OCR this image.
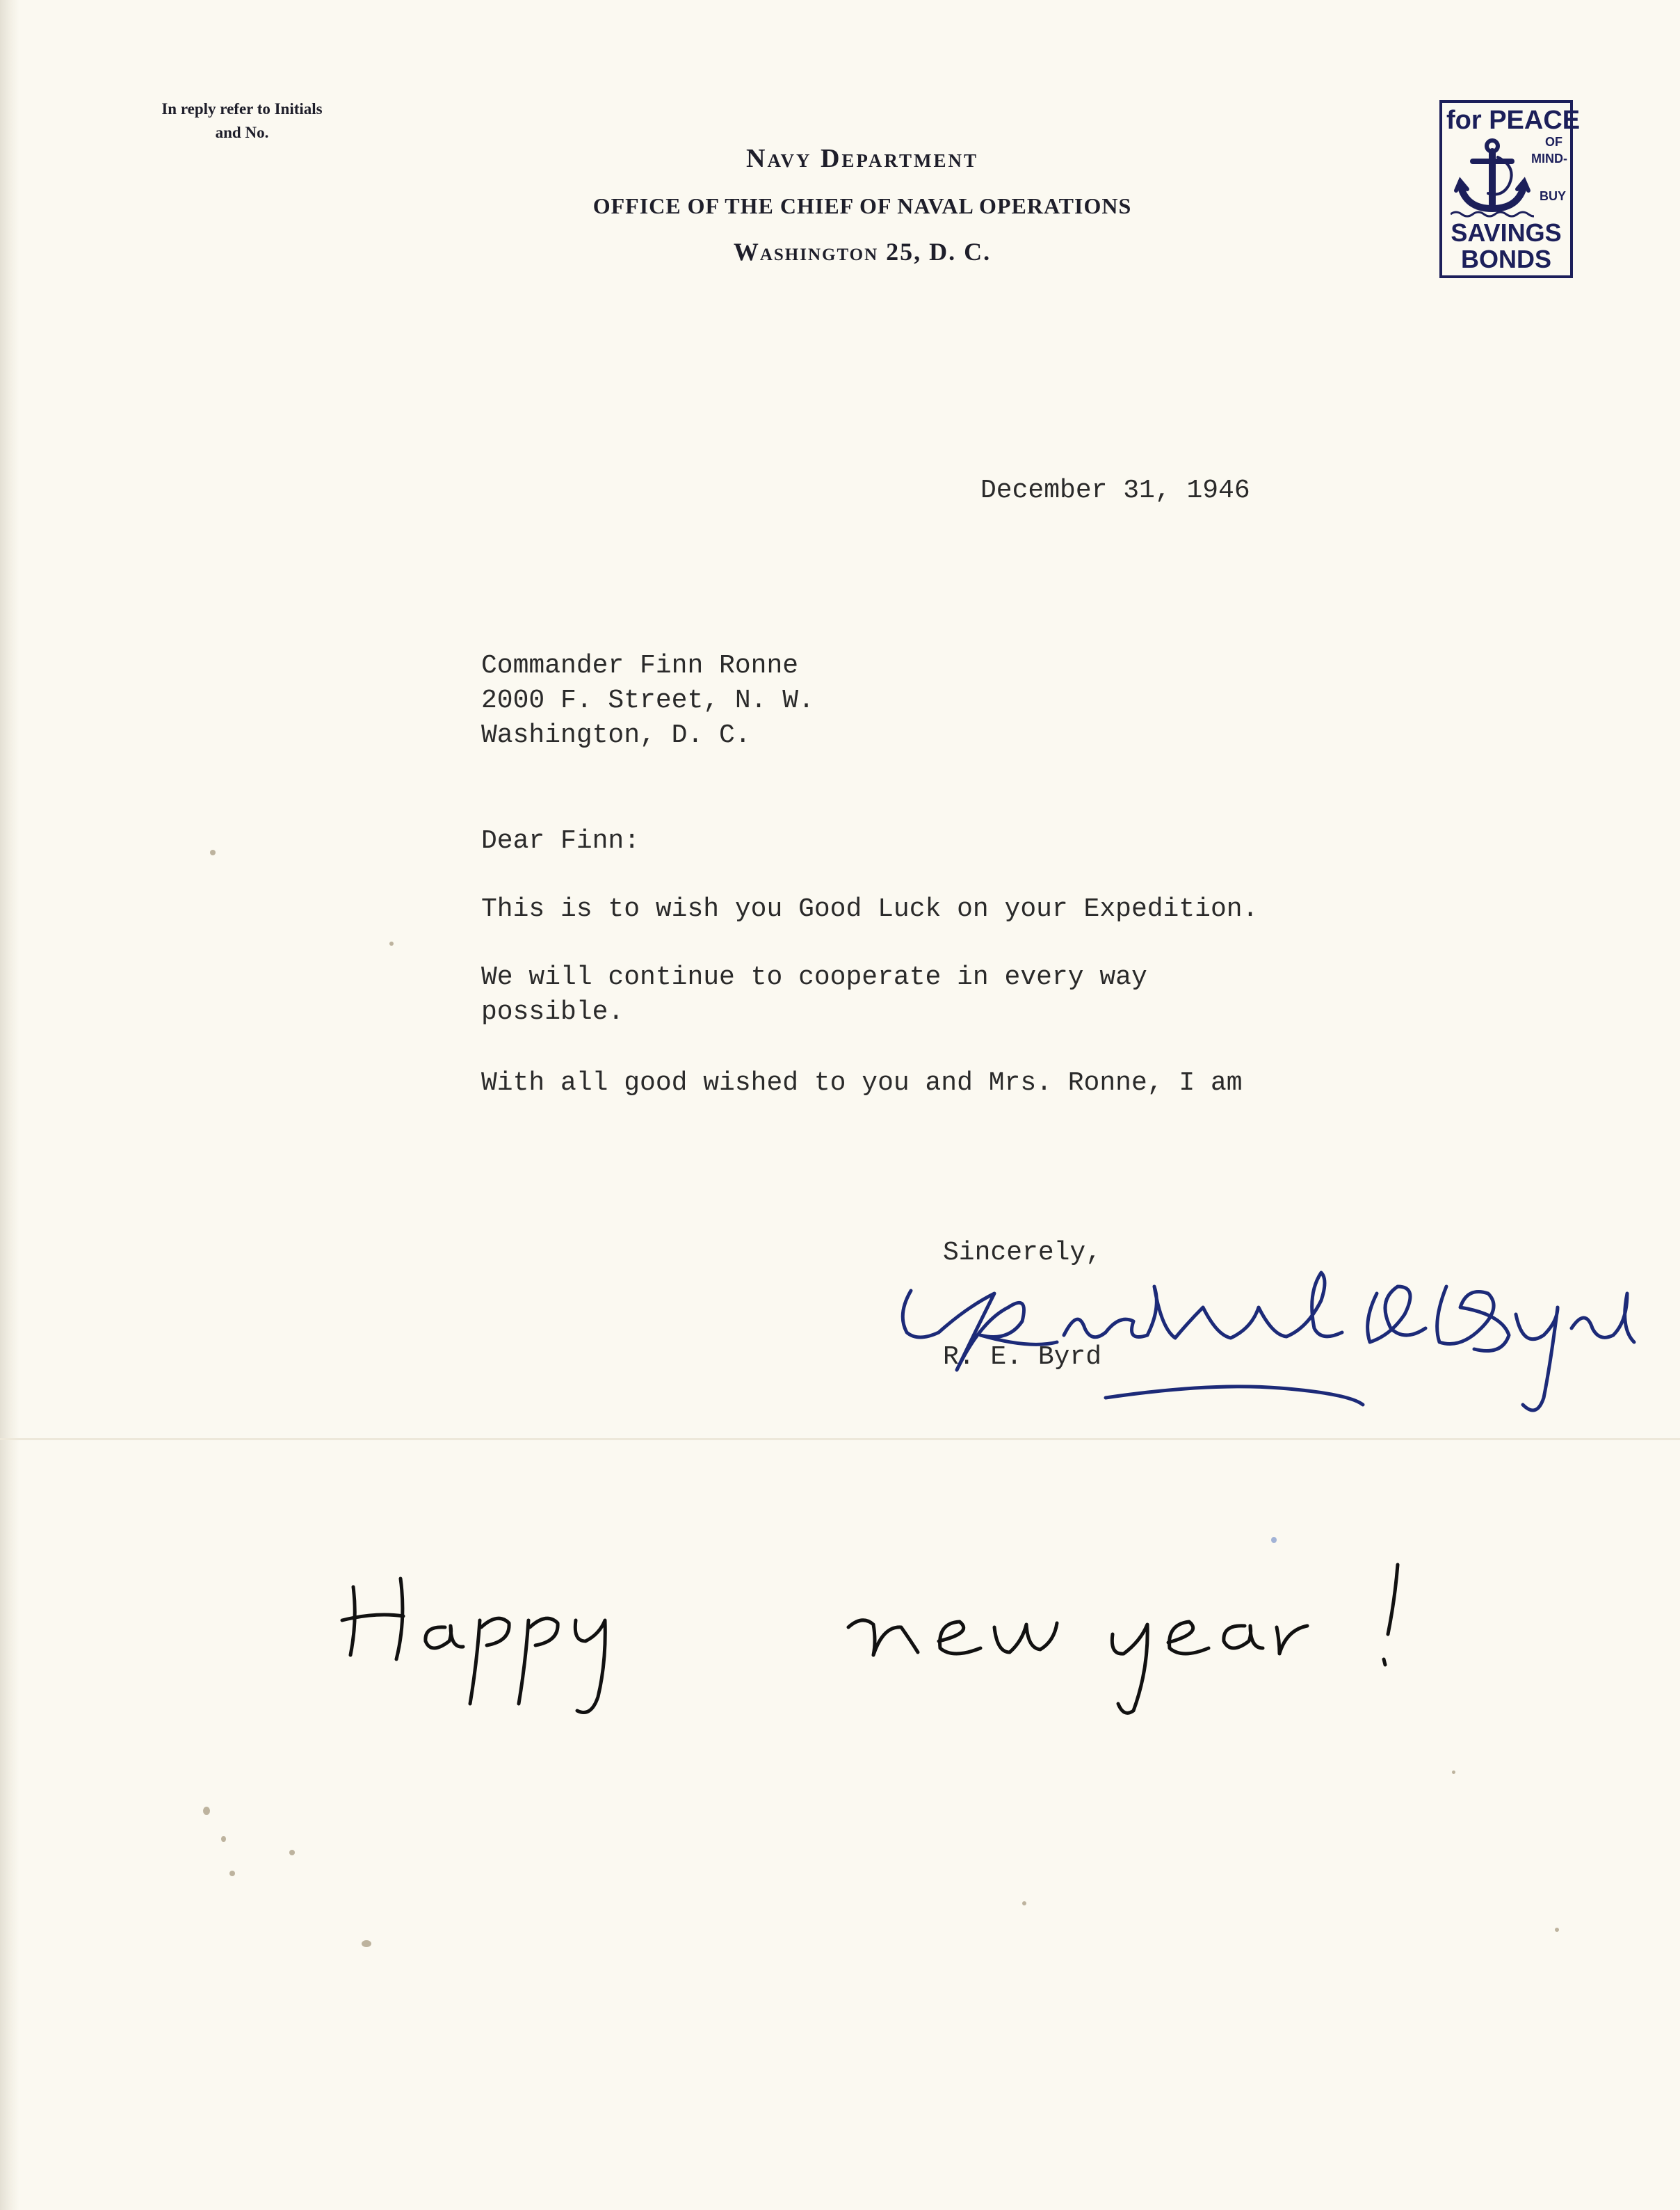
In reply refer to Initials
and No.
Navy Department
OFFICE OF THE CHIEF OF NAVAL OPERATIONS
Washington 25, D. C.
for PEACE
OF
MIND-
BUY
SAVINGS
BONDS
December 31, 1946
Commander Finn Ronne
2000 F. Street, N. W.
Washington, D. C.
Dear Finn:
This is to wish you Good Luck on your Expedition.
We will continue to cooperate in every way
possible.
With all good wished to you and Mrs. Ronne, I am
Sincerely,
R. E. Byrd
